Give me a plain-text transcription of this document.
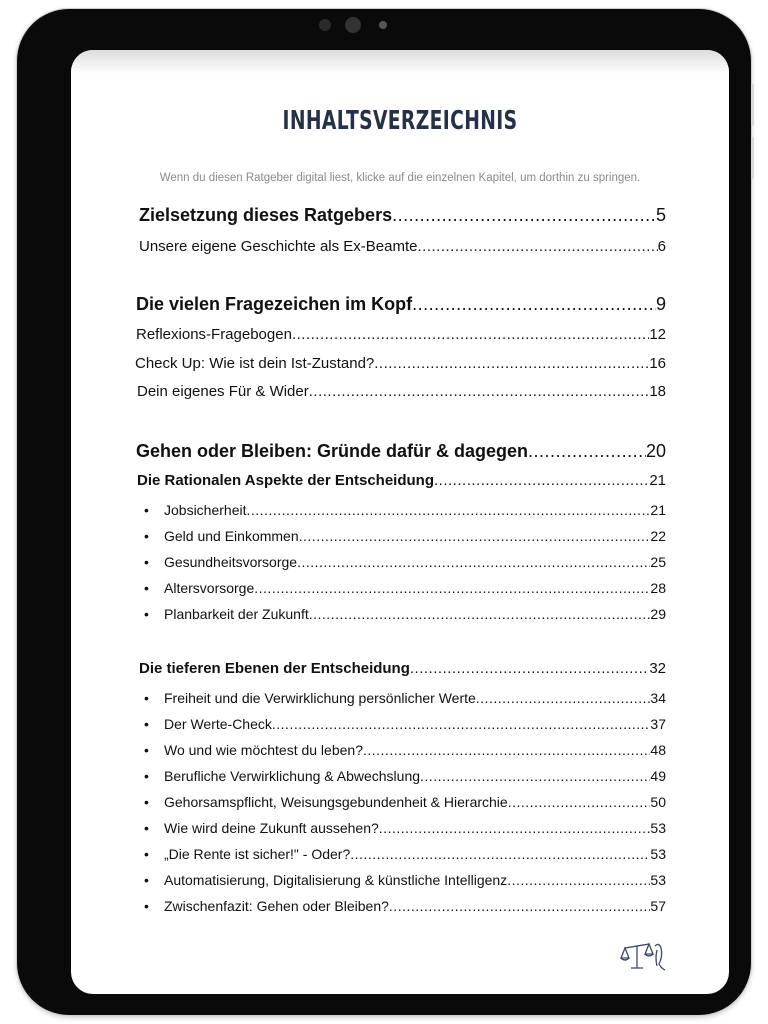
INHALTSVERZEICHNIS
Wenn du diesen Ratgeber digital liest, klicke auf die einzelnen Kapitel, um dorthin zu springen.
Zielsetzung dieses Ratgebers .....	5
Unsere eigene Geschichte als Ex-Beamte .....	6
Die vielen Fragezeichen im Kopf .....	9
Reflexions-Fragebogen .....	12
Check Up: Wie ist dein Ist-Zustand? .....	16
Dein eigenes Für & Wider .....	18
Gehen oder Bleiben: Gründe dafür & dagegen .....	20
Die Rationalen Aspekte der Entscheidung .....	21
•	Jobsicherheit .....	21
•	Geld und Einkommen .....	22
•	Gesundheitsvorsorge .....	25
•	Altersvorsorge .....	28
•	Planbarkeit der Zukunft .....	29
Die tieferen Ebenen der Entscheidung .....	32
•	Freiheit und die Verwirklichung persönlicher Werte .....	34
•	Der Werte-Check .....	37
•	Wo und wie möchtest du leben? .....	48
•	Berufliche Verwirklichung & Abwechslung .....	49
•	Gehorsamspflicht, Weisungsgebundenheit & Hierarchie .....	50
•	Wie wird deine Zukunft aussehen? .....	53
•	„Die Rente ist sicher!" - Oder? .....	53
•	Automatisierung, Digitalisierung & künstliche Intelligenz .....	53
•	Zwischenfazit: Gehen oder Bleiben? .....	57
